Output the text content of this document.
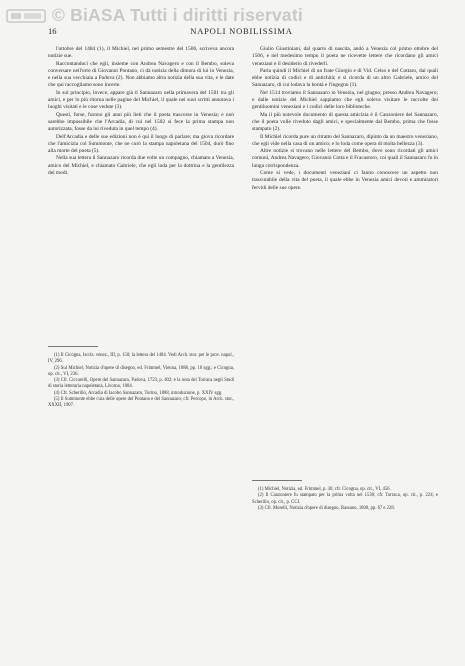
© BiASA Tutti i diritti riservati
16	NAPOLI NOBILISSIMA

l'ottobre del 1484 (1), il Michiel, nel primo semestre del 1506, scriveva ancora notizie sue.

Raccontandoci che egli, insieme con Andrea Navagero e con il Bembo, soleva conversare nell'orto di Giovanni Pontano, ci dà notizia della dimora di lui in Venezia, e nella sua vecchiaia a Padova (2). Non abbiamo altra notizia della sua vita, e le date che qui raccogliamo sono incerte.

In sul principio, invece, appare già il Sannazaro nella primavera del 1501 tra gli amici, e per lo più ritorna nelle pagine del Michiel, il quale nei suoi scritti annotava i luoghi visitati e le cose vedute (3).

Questi, forse, furono gli anni più lieti che il poeta trascorse in Venezia; e non sarebbe impossibile che l'Arcadia, di cui nel 1502 si fece la prima stampa non autorizzata, fosse da lui riveduta in quel tempo (4).

Dell'Arcadia e delle sue edizioni non è qui il luogo di parlare; ma giova ricordare che l'amicizia col Summonte, che ne curò la stampa napoletana del 1504, durò fino alla morte del poeta (5).

Nella sua lettera il Sannazaro ricorda due volte un compagno, chiamato a Venezia, amico del Michiel, e chiamato Gabriele, che egli loda per la dottrina e la gentilezza dei modi.

(1) Il Cicogna, Iscriz. venez., III, p. 150; la lettera del 1484. Vedi Arch. stor. per le prov. napol., IV, 296.

(2) Sul Michiel, Notizia d'opere di disegno, ed. Frimmel, Vienna, 1888, pp. 10 sgg.; e Cicogna, op. cit., VI, 236.

(3) Cfr. Ciccarelli, Opere del Sannazaro, Padova, 1723, p. 402; e la nota del Torraca negli Studi di storia letteraria napoletana, Livorno, 1884.

(4) Cfr. Scherillo, Arcadia di Iacobo Sannazaro, Torino, 1888, introduzione, p. XXIV sgg.

(5) Il Summonte ebbe cura delle opere del Pontano e del Sannazaro; cfr. Percopo, in Arch. stor., XXXII, 1907.

Giulio Giustiniani, dal quarto di nascita, andò a Venezia col primo ottobre del 1506, e nel medesimo tempo il poeta ne ricevette lettere che ricordano gli amici veneziani e il desiderio di rivederli.

Parla quindi il Michiel di un frate Giorgio e di Vid. Celso e del Cottaro, dai quali ebbe notizia di codici e di antichità; e si ricorda di un altro Gabriele, amico del Sannazaro, di cui lodava la bontà e l'ingegno (1).

Nel 1514 troviamo il Sannazaro in Venezia, nel giugno, presso Andrea Navagero; e dalle notizie del Michiel sappiamo che egli soleva visitare le raccolte dei gentiluomini veneziani e i codici delle loro biblioteche.

Ma il più notevole documento di questa amicizia è il Canzoniere del Sannazaro, che il poeta volle riveduto dagli amici, e specialmente dal Bembo, prima che fosse stampato (2).

Il Michiel ricorda pure un ritratto del Sannazaro, dipinto da un maestro veneziano, che egli vide nella casa di un amico; e lo loda come opera di molta bellezza (3).

Altre notizie si trovano nelle lettere del Bembo, dove sono ricordati gli amici comuni, Andrea Navagero, Giovanni Cotta e il Fracastoro, coi quali il Sannazaro fu in lunga corrispondenza.

Come si vede, i documenti veneziani ci fanno conoscere un aspetto non trascurabile della vita del poeta, il quale ebbe in Venezia amici devoti e ammiratori fervidi delle sue opere.

(1) Michiel, Notizia, ed. Frimmel, p. 36; cfr. Cicogna, op. cit., VI, 456.

(2) Il Canzoniere fu stampato per la prima volta nel 1530; cfr. Torraca, op. cit., p. 224; e Scherillo, op. cit., p. CCI.

(3) Cfr. Morelli, Notizia d'opere di disegno, Bassano, 1800, pp. 67 e 228.
